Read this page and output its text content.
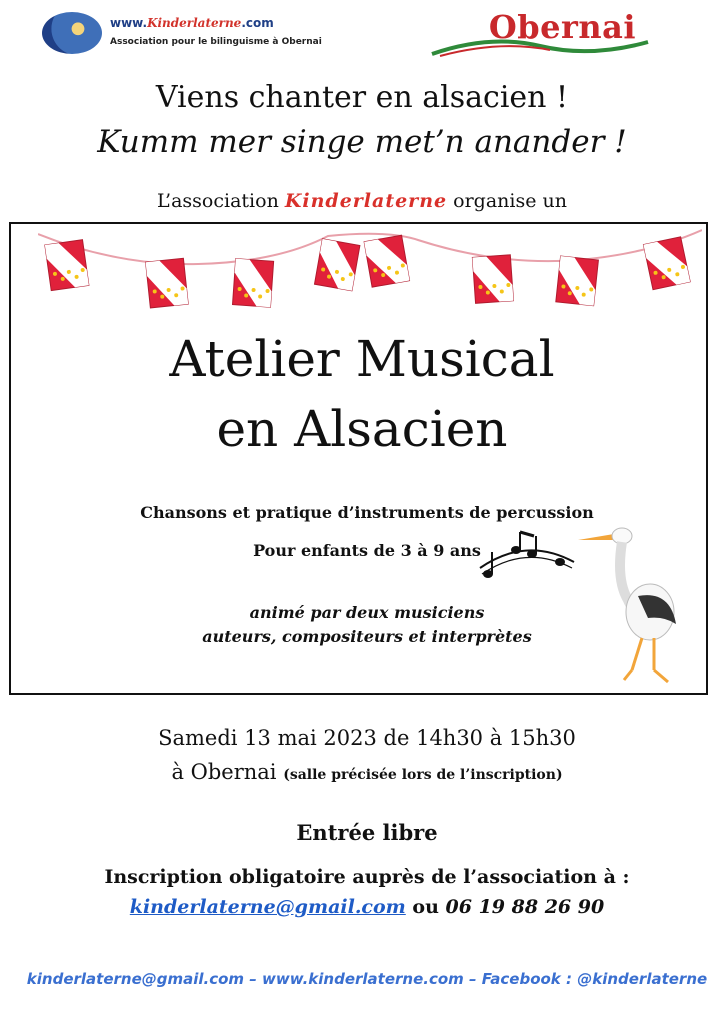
www.Kinderlaterne.com
Association pour le bilinguisme à Obernai	Obernai
Viens chanter en alsacien !
Kumm mer singe met’n anander !
L’association Kinderlaterne organise un
Atelier Musical
en Alsacien
Chansons et pratique d’instruments de percussion
Pour enfants de 3 à 9 ans
animé par deux musiciens
auteurs, compositeurs et interprètes
Samedi 13 mai 2023 de 14h30 à 15h30
à Obernai (salle précisée lors de l’inscription)
Entrée libre
Inscription obligatoire auprès de l’association à :
kinderlaterne@gmail.com ou 06 19 88 26 90
kinderlaterne@gmail.com – www.kinderlaterne.com – Facebook : @kinderlaterne
